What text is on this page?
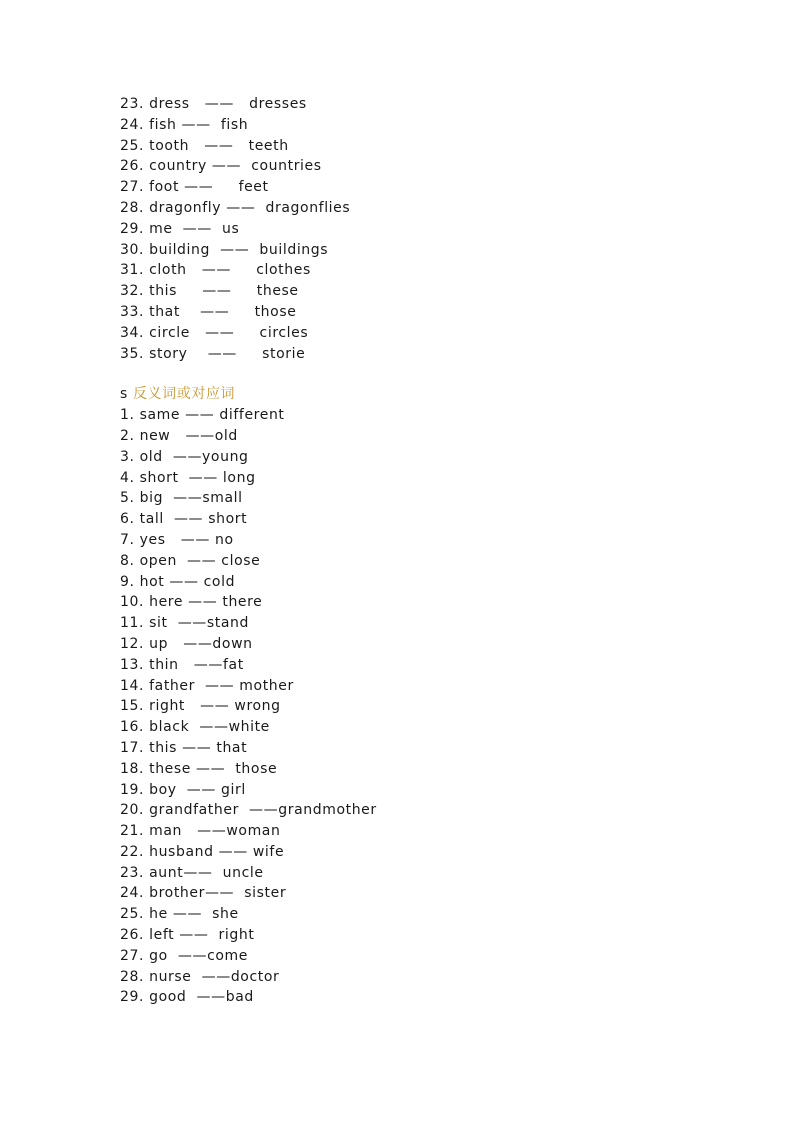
23. dress   ——   dresses
24. fish ——  fish
25. tooth   ——   teeth
26. country ——  countries
27. foot ——     feet
28. dragonfly ——  dragonflies
29. me  ——  us
30. building  ——  buildings
31. cloth   ——     clothes
32. this     ——     these
33. that    ——     those
34. circle   ——     circles
35. story    ——     storie
s 反义词或对应词
1. same —— different
2. new   ——old
3. old  ——young
4. short  —— long
5. big  ——small
6. tall  —— short
7. yes   —— no
8. open  —— close
9. hot —— cold
10. here —— there
11. sit  ——stand
12. up   ——down
13. thin   ——fat
14. father  —— mother
15. right   —— wrong
16. black  ——white
17. this —— that
18. these ——  those
19. boy  —— girl
20. grandfather  ——grandmother
21. man   ——woman
22. husband —— wife
23. aunt——  uncle
24. brother——  sister
25. he ——  she
26. left ——  right
27. go  ——come
28. nurse  ——doctor
29. good  ——bad
